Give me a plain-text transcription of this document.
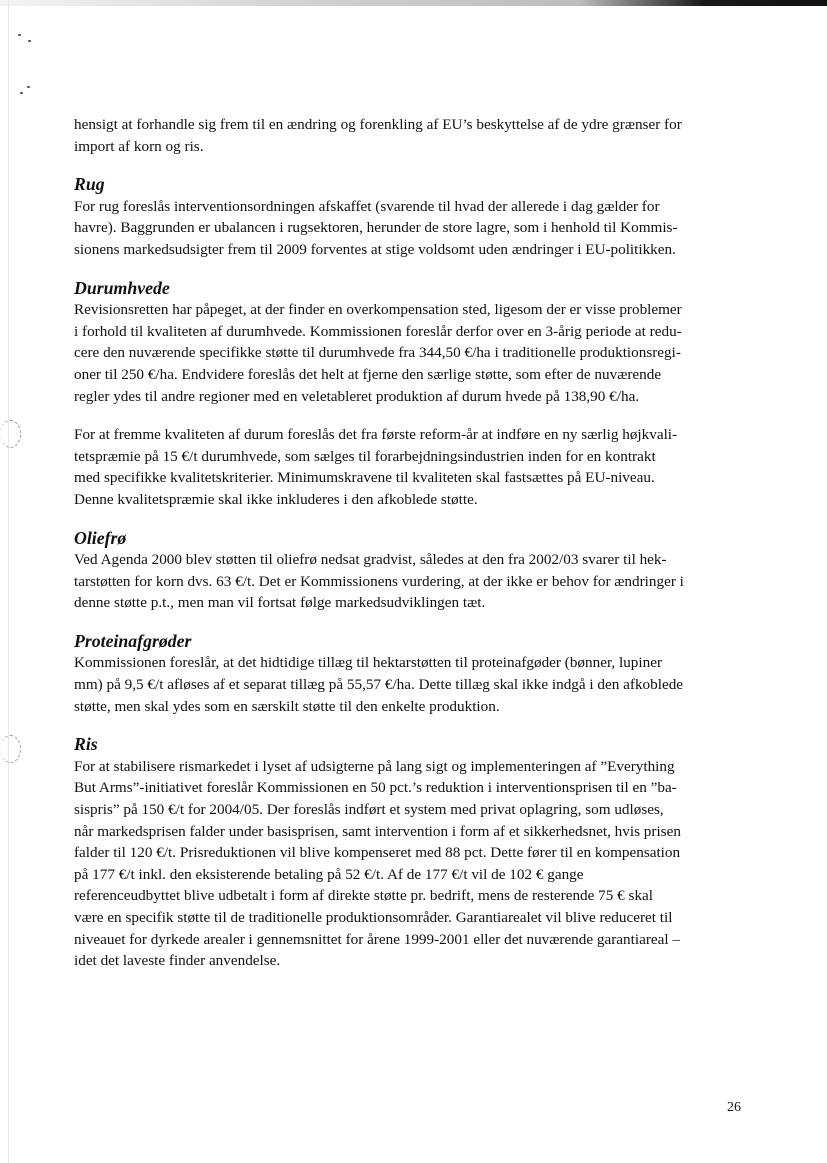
hensigt at forhandle sig frem til en ændring og forenkling af EU’s beskyttelse af de ydre grænser for

import af korn og ris.

Rug

For rug foreslås interventionsordningen afskaffet (svarende til hvad der allerede i dag gælder for

havre). Baggrunden er ubalancen i rugsektoren, herunder de store lagre, som i henhold til Kommis-

sionens markedsudsigter frem til 2009 forventes at stige voldsomt uden ændringer i EU-politikken.

Durumhvede

Revisionsretten har påpeget, at der finder en overkompensation sted, ligesom der er visse problemer

i forhold til kvaliteten af durumhvede. Kommissionen foreslår derfor over en 3-årig periode at redu-

cere den nuværende specifikke støtte til durumhvede fra 344,50 €/ha i traditionelle produktionsregi-

oner til 250 €/ha. Endvidere foreslås det helt at fjerne den særlige støtte, som efter de nuværende

regler ydes til andre regioner med en veletableret produktion af durum hvede på 138,90 €/ha.

For at fremme kvaliteten af durum foreslås det fra første reform-år at indføre en ny særlig højkvali-

tetspræmie på 15 €/t durumhvede, som sælges til forarbejdningsindustrien inden for en kontrakt

med specifikke kvalitetskriterier. Minimumskravene til kvaliteten skal fastsættes på EU-niveau.

Denne kvalitetspræmie skal ikke inkluderes i den afkoblede støtte.

Oliefrø

Ved Agenda 2000 blev støtten til oliefrø nedsat gradvist, således at den fra 2002/03 svarer til hek-

tarstøtten for korn dvs. 63 €/t. Det er Kommissionens vurdering, at der ikke er behov for ændringer i

denne støtte p.t., men man vil fortsat følge markedsudviklingen tæt.

Proteinafgrøder

Kommissionen foreslår, at det hidtidige tillæg til hektarstøtten til proteinafgøder (bønner, lupiner

mm) på 9,5 €/t afløses af et separat tillæg på 55,57 €/ha. Dette tillæg skal ikke indgå i den afkoblede

støtte, men skal ydes som en særskilt støtte til den enkelte produktion.

Ris

For at stabilisere rismarkedet i lyset af udsigterne på lang sigt og implementeringen af ”Everything

But Arms”-initiativet foreslår Kommissionen en 50 pct.’s reduktion i interventionsprisen til en ”ba-

sispris” på 150 €/t for 2004/05. Der foreslås indført et system med privat oplagring, som udløses,

når markedsprisen falder under basisprisen, samt intervention i form af et sikkerhedsnet, hvis prisen

falder til 120 €/t. Prisreduktionen vil blive kompenseret med 88 pct. Dette fører til en kompensation

på 177 €/t inkl. den eksisterende betaling på 52 €/t. Af de 177 €/t vil de 102 € gange

referenceudbyttet blive udbetalt i form af direkte støtte pr. bedrift, mens de resterende 75 € skal

være en specifik støtte til de traditionelle produktionsområder. Garantiarealet vil blive reduceret til

niveauet for dyrkede arealer i gennemsnittet for årene 1999-2001 eller det nuværende garantiareal –

idet det laveste finder anvendelse.

26
